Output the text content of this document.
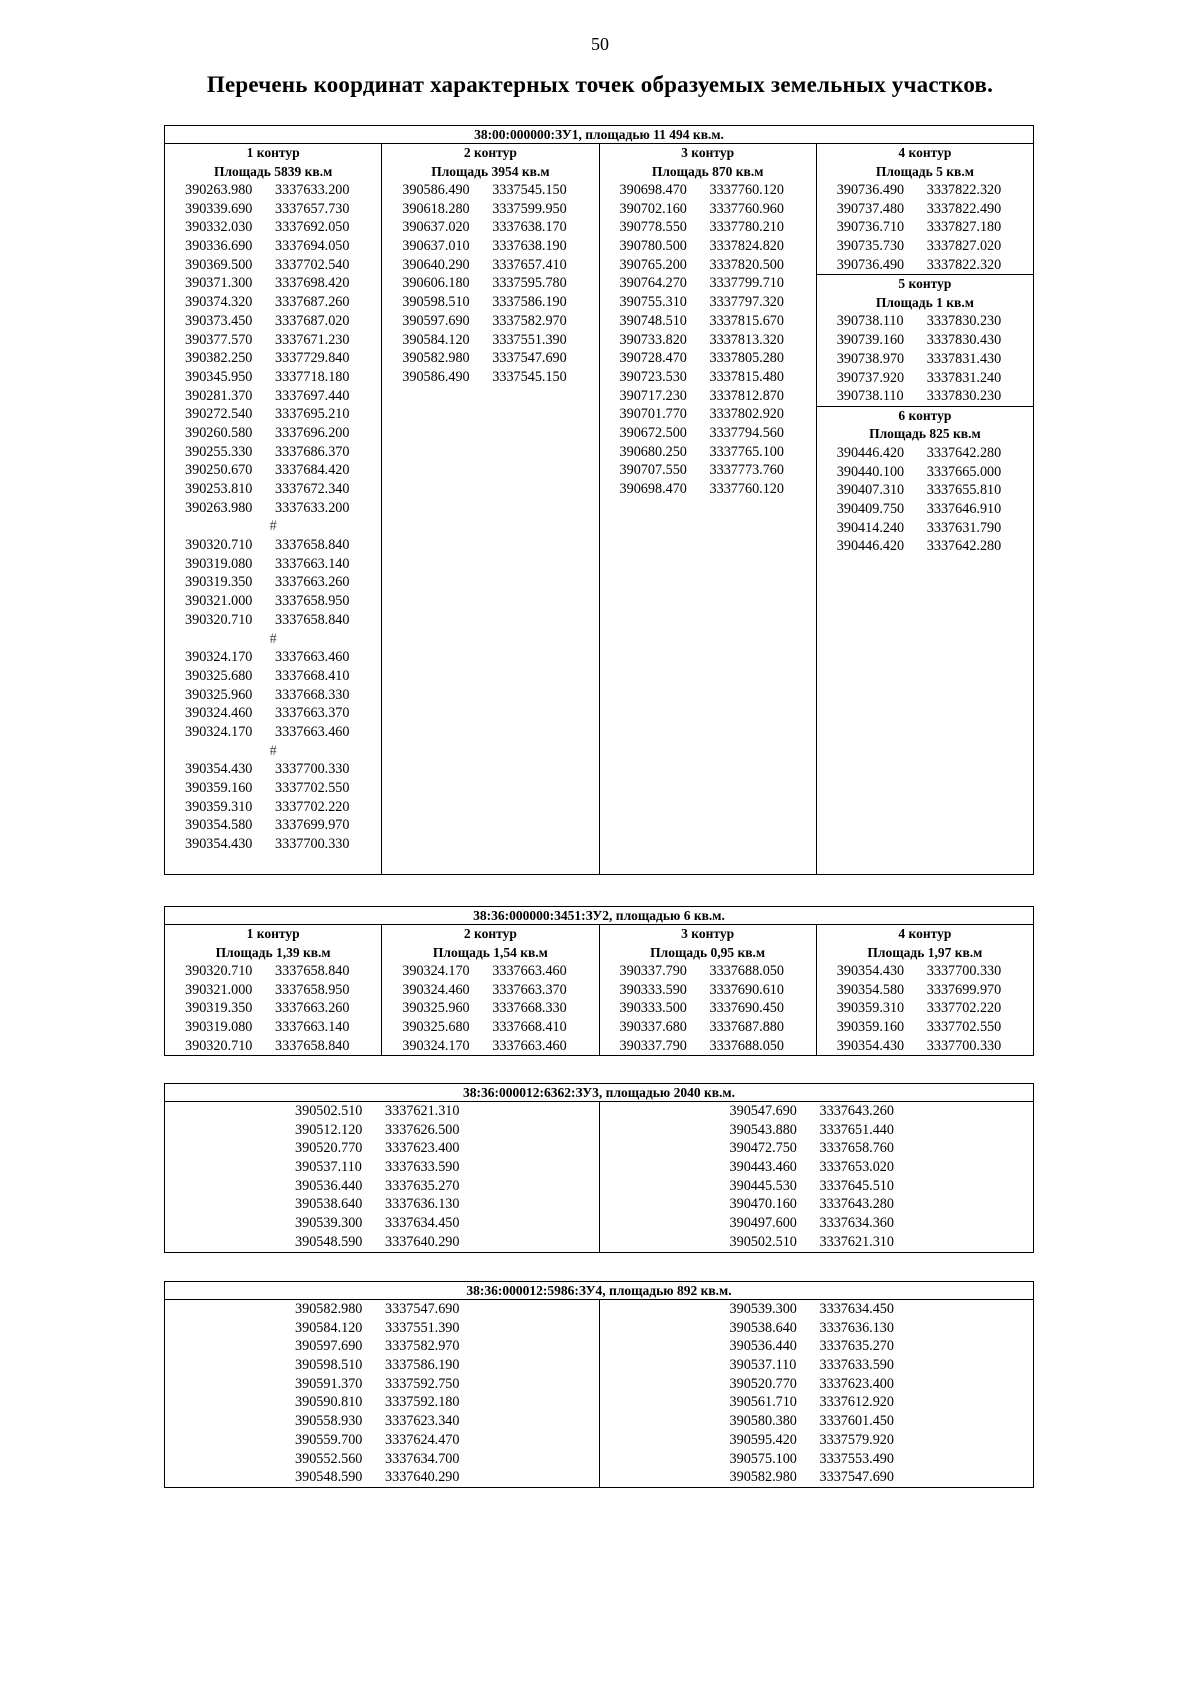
50
Перечень координат характерных точек образуемых земельных участков.
38:00:000000:ЗУ1, площадью 11 494 кв.м.
1 контур
Площадь 5839 кв.м
390263.980 3337633.200
390339.690 3337657.730
390332.030 3337692.050
390336.690 3337694.050
390369.500 3337702.540
390371.300 3337698.420
390374.320 3337687.260
390373.450 3337687.020
390377.570 3337671.230
390382.250 3337729.840
390345.950 3337718.180
390281.370 3337697.440
390272.540 3337695.210
390260.580 3337696.200
390255.330 3337686.370
390250.670 3337684.420
390253.810 3337672.340
390263.980 3337633.200
#
390320.710 3337658.840
390319.080 3337663.140
390319.350 3337663.260
390321.000 3337658.950
390320.710 3337658.840
#
390324.170 3337663.460
390325.680 3337668.410
390325.960 3337668.330
390324.460 3337663.370
390324.170 3337663.460
#
390354.430 3337700.330
390359.160 3337702.550
390359.310 3337702.220
390354.580 3337699.970
390354.430 3337700.330
2 контур
Площадь 3954 кв.м
390586.490 3337545.150
390618.280 3337599.950
390637.020 3337638.170
390637.010 3337638.190
390640.290 3337657.410
390606.180 3337595.780
390598.510 3337586.190
390597.690 3337582.970
390584.120 3337551.390
390582.980 3337547.690
390586.490 3337545.150
3 контур
Площадь 870 кв.м
390698.470 3337760.120
390702.160 3337760.960
390778.550 3337780.210
390780.500 3337824.820
390765.200 3337820.500
390764.270 3337799.710
390755.310 3337797.320
390748.510 3337815.670
390733.820 3337813.320
390728.470 3337805.280
390723.530 3337815.480
390717.230 3337812.870
390701.770 3337802.920
390672.500 3337794.560
390680.250 3337765.100
390707.550 3337773.760
390698.470 3337760.120
4 контур
Площадь 5 кв.м
390736.490 3337822.320
390737.480 3337822.490
390736.710 3337827.180
390735.730 3337827.020
390736.490 3337822.320
5 контур
Площадь 1 кв.м
390738.110 3337830.230
390739.160 3337830.430
390738.970 3337831.430
390737.920 3337831.240
390738.110 3337830.230
6 контур
Площадь 825 кв.м
390446.420 3337642.280
390440.100 3337665.000
390407.310 3337655.810
390409.750 3337646.910
390414.240 3337631.790
390446.420 3337642.280
38:36:000000:3451:ЗУ2, площадью 6 кв.м.
1 контур
Площадь 1,39 кв.м
390320.710 3337658.840
390321.000 3337658.950
390319.350 3337663.260
390319.080 3337663.140
390320.710 3337658.840
2 контур
Площадь 1,54 кв.м
390324.170 3337663.460
390324.460 3337663.370
390325.960 3337668.330
390325.680 3337668.410
390324.170 3337663.460
3 контур
Площадь 0,95 кв.м
390337.790 3337688.050
390333.590 3337690.610
390333.500 3337690.450
390337.680 3337687.880
390337.790 3337688.050
4 контур
Площадь 1,97 кв.м
390354.430 3337700.330
390354.580 3337699.970
390359.310 3337702.220
390359.160 3337702.550
390354.430 3337700.330
38:36:000012:6362:ЗУ3, площадью 2040 кв.м.
390502.510 3337621.310
390512.120 3337626.500
390520.770 3337623.400
390537.110 3337633.590
390536.440 3337635.270
390538.640 3337636.130
390539.300 3337634.450
390548.590 3337640.290
390547.690 3337643.260
390543.880 3337651.440
390472.750 3337658.760
390443.460 3337653.020
390445.530 3337645.510
390470.160 3337643.280
390497.600 3337634.360
390502.510 3337621.310
38:36:000012:5986:ЗУ4, площадью 892 кв.м.
390582.980 3337547.690
390584.120 3337551.390
390597.690 3337582.970
390598.510 3337586.190
390591.370 3337592.750
390590.810 3337592.180
390558.930 3337623.340
390559.700 3337624.470
390552.560 3337634.700
390548.590 3337640.290
390539.300 3337634.450
390538.640 3337636.130
390536.440 3337635.270
390537.110 3337633.590
390520.770 3337623.400
390561.710 3337612.920
390580.380 3337601.450
390595.420 3337579.920
390575.100 3337553.490
390582.980 3337547.690
